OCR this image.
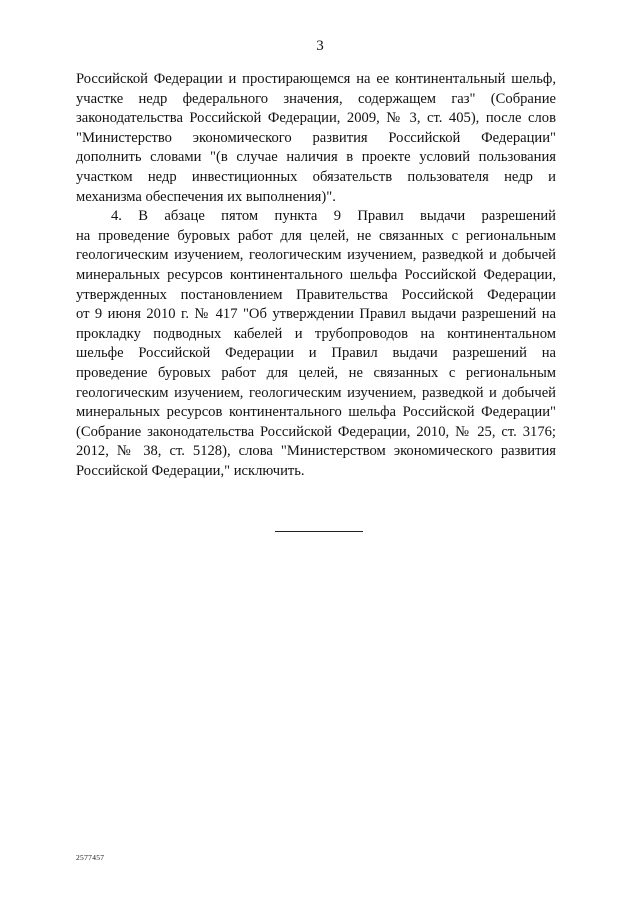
3
Российской Федерации и простирающемся на ее континентальный шельф,
участке недр федерального значения, содержащем газ" (Собрание
законодательства Российской Федерации, 2009, № 3, ст. 405), после слов
"Министерство экономического развития Российской Федерации"
дополнить словами "(в случае наличия в проекте условий пользования
участком недр инвестиционных обязательств пользователя недр и
механизма обеспечения их выполнения)".
4. В абзаце пятом пункта 9 Правил выдачи разрешений
на проведение буровых работ для целей, не связанных с региональным
геологическим изучением, геологическим изучением, разведкой и добычей
минеральных ресурсов континентального шельфа Российской Федерации,
утвержденных постановлением Правительства Российской Федерации
от 9 июня 2010 г. № 417 "Об утверждении Правил выдачи разрешений на
прокладку подводных кабелей и трубопроводов на континентальном
шельфе Российской Федерации и Правил выдачи разрешений на
проведение буровых работ для целей, не связанных с региональным
геологическим изучением, геологическим изучением, разведкой и добычей
минеральных ресурсов континентального шельфа Российской Федерации"
(Собрание законодательства Российской Федерации, 2010, № 25, ст. 3176;
2012, № 38, ст. 5128), слова "Министерством экономического развития
Российской Федерации," исключить.
2577457
